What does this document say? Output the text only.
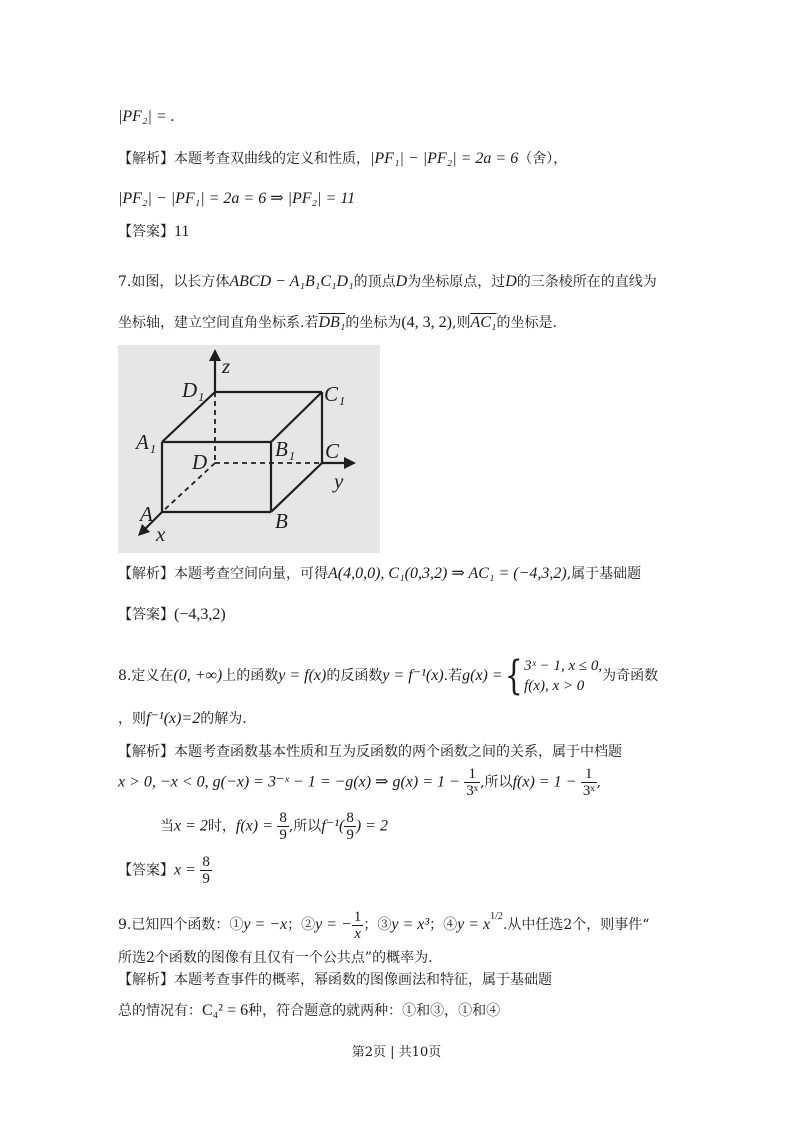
|PF₂| = .
【解析】本题考查双曲线的定义和性质，|PF₁| − |PF₂| = 2a = 6（舍），
|PF₂| − |PF₁| = 2a = 6 ⇒ |PF₂| = 11
【答案】11
7.如图，以长方体ABCD − A₁B₁C₁D₁的顶点D为坐标原点，过D的三条棱所在的直线为
坐标轴，建立空间直角坐标系.若DB₁的坐标为(4, 3, 2),则AC₁的坐标是.
z
D₁	C₁
A₁	B₁
D	C
y
A	B
x
【解析】本题考查空间向量，可得A(4,0,0), C₁(0,3,2) ⇒ AC₁ = (−4,3,2),属于基础题
【答案】(−4,3,2)
8.定义在(0, +∞)上的函数y = f(x)的反函数y = f⁻¹(x).若g(x) ={ 3ˣ − 1, x ≤ 0,
f(x), x > 0
为奇函数
，则f⁻¹(x)=2的解为.
【解析】本题考查函数基本性质和互为反函数的两个函数之间的关系，属于中档题
x > 0, −x < 0, g(−x) = 3⁻ˣ − 1 = −g(x) ⇒ $g(x) = 1 - \frac{1}{\text{3ˣ}}$ ,所以$f(x) = 1 - \frac{1}{\text{3ˣ}}$ ,
当x = 2时，$f(x) = \frac{8}{9}$ ,所以$f^{-1}( \frac{8}{9}$ ) = 2
【答案】$x = \frac{8}{9}$
9.已知四个函数：①y = −x；②y = − $\frac{1}{x}$ ；③y = x³；④y = $x^{1/2}$.从中任选2个，则事件“
所选2个函数的图像有且仅有一个公共点”的概率为.
【解析】本题考查事件的概率，幂函数的图像画法和特征，属于基础题
总的情况有：C₄² = 6种，符合题意的就两种：①和③，①和④
第2页 | 共10页
